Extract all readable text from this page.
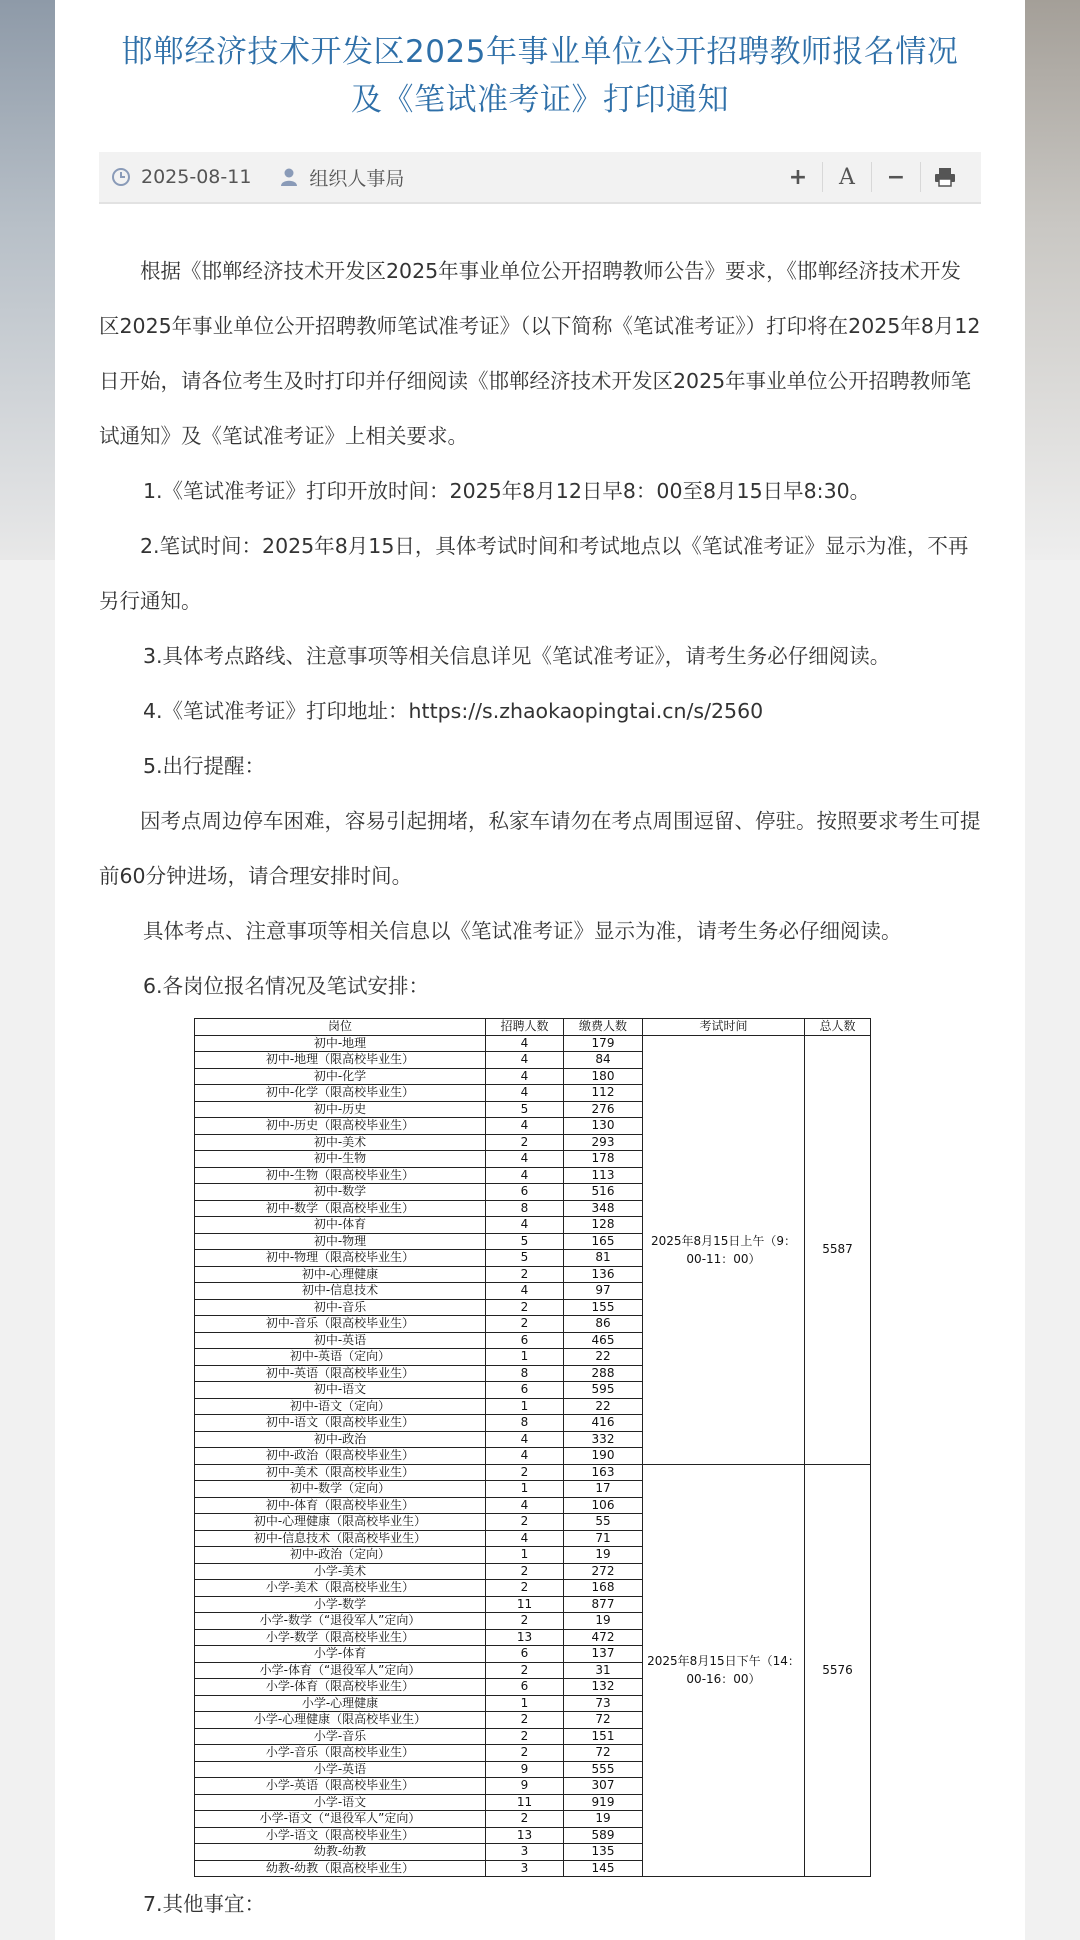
邯郸经济技术开发区2025年事业单位公开招聘教师报名情况
及《笔试准考证》打印通知
2025-08-11	组织人事局	+	A	−

根据《邯郸经济技术开发区2025年事业单位公开招聘教师公告》要求，《邯郸经济技术开发区2025年事业单位公开招聘教师笔试准考证》（以下简称《笔试准考证》）打印将在2025年8月12日开始，请各位考生及时打印并仔细阅读《邯郸经济技术开发区2025年事业单位公开招聘教师笔试通知》及《笔试准考证》上相关要求。

1.《笔试准考证》打印开放时间：2025年8月12日早8：00至8月15日早8:30。

2.笔试时间：2025年8月15日，具体考试时间和考试地点以《笔试准考证》显示为准，不再另行通知。

3.具体考点路线、注意事项等相关信息详见《笔试准考证》，请考生务必仔细阅读。

4.《笔试准考证》打印地址：https://s.zhaokaopingtai.cn/s/2560

5.出行提醒：

因考点周边停车困难，容易引起拥堵，私家车请勿在考点周围逗留、停驻。按照要求考生可提前60分钟进场，请合理安排时间。

具体考点、注意事项等相关信息以《笔试准考证》显示为准，请考生务必仔细阅读。

6.各岗位报名情况及笔试安排：

岗位	招聘人数	缴费人数	考试时间	总人数
初中-地理	4	179	2025年8月15日上午（9：00-11：00）	5587
初中-地理（限高校毕业生）	4	84		
初中-化学	4	180		
初中-化学（限高校毕业生）	4	112		
初中-历史	5	276		
初中-历史（限高校毕业生）	4	130		
初中-美术	2	293		
初中-生物	4	178		
初中-生物（限高校毕业生）	4	113		
初中-数学	6	516		
初中-数学（限高校毕业生）	8	348		
初中-体育	4	128		
初中-物理	5	165		
初中-物理（限高校毕业生）	5	81		
初中-心理健康	2	136		
初中-信息技术	4	97		
初中-音乐	2	155		
初中-音乐（限高校毕业生）	2	86		
初中-英语	6	465		
初中-英语（定向）	1	22		
初中-英语（限高校毕业生）	8	288		
初中-语文	6	595		
初中-语文（定向）	1	22		
初中-语文（限高校毕业生）	8	416		
初中-政治	4	332		
初中-政治（限高校毕业生）	4	190		
初中-美术（限高校毕业生）	2	163	2025年8月15日下午（14：00-16：00）	5576
初中-数学（定向）	1	17		
初中-体育（限高校毕业生）	4	106		
初中-心理健康（限高校毕业生）	2	55		
初中-信息技术（限高校毕业生）	4	71		
初中-政治（定向）	1	19		
小学-美术	2	272		
小学-美术（限高校毕业生）	2	168		
小学-数学	11	877		
小学-数学（“退役军人”定向）	2	19		
小学-数学（限高校毕业生）	13	472		
小学-体育	6	137		
小学-体育（“退役军人”定向）	2	31		
小学-体育（限高校毕业生）	6	132		
小学-心理健康	1	73		
小学-心理健康（限高校毕业生）	2	72		
小学-音乐	2	151		
小学-音乐（限高校毕业生）	2	72		
小学-英语	9	555		
小学-英语（限高校毕业生）	9	307		
小学-语文	11	919		
小学-语文（“退役军人”定向）	2	19		
小学-语文（限高校毕业生）	13	589		
幼教-幼教	3	135		
幼教-幼教（限高校毕业生）	3	145		

7.其他事宜：
